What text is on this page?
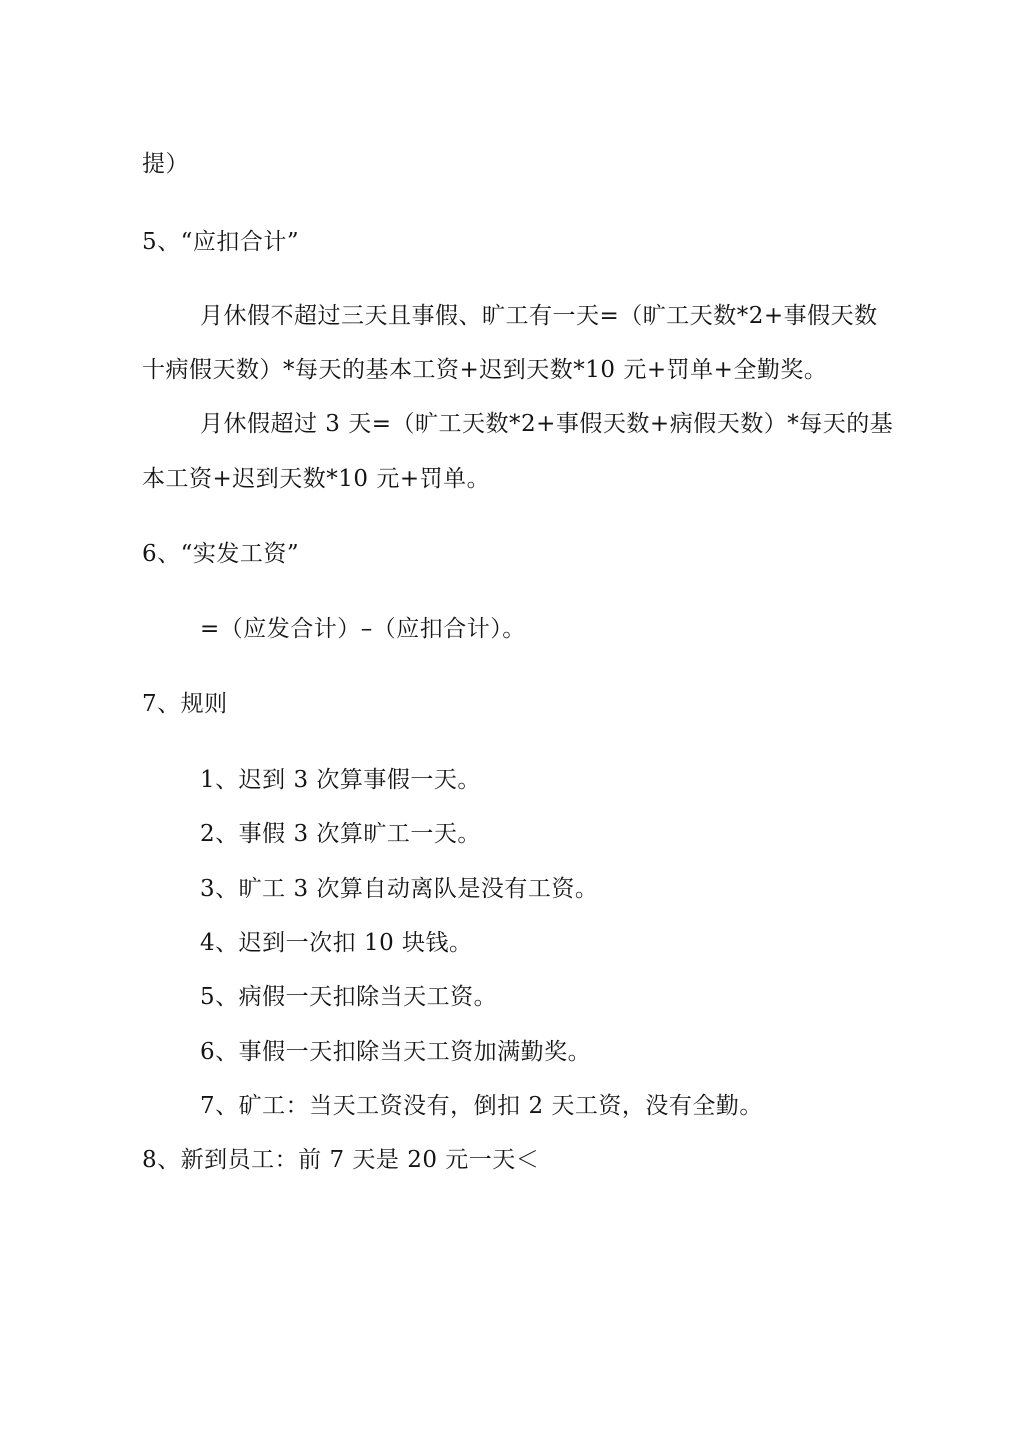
提）
5、“应扣合计”
月休假不超过三天且事假、旷工有一天=（旷工天数*2+事假天数
十病假天数）*每天的基本工资+迟到天数*10 元+罚单+全勤奖。
月休假超过 3 天=（旷工天数*2+事假天数+病假天数）*每天的基
本工资+迟到天数*10 元+罚单。
6、“实发工资”
=（应发合计）–（应扣合计）。
7、规则
1、迟到 3 次算事假一天。
2、事假 3 次算旷工一天。
3、旷工 3 次算自动离队是没有工资。
4、迟到一次扣 10 块钱。
5、病假一天扣除当天工资。
6、事假一天扣除当天工资加满勤奖。
7、矿工：当天工资没有，倒扣 2 天工资，没有全勤。
8、新到员工：前 7 天是 20 元一天＜
